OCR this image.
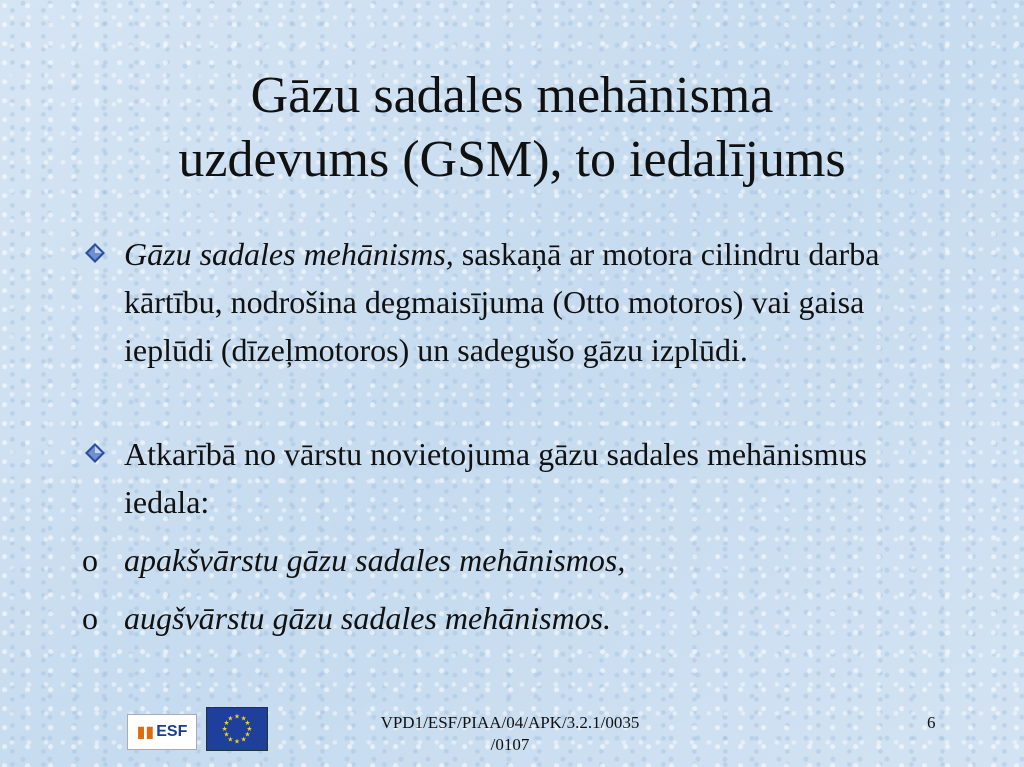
Gāzu sadales mehānisma
uzdevums (GSM), to iedalījums
Gāzu sadales mehānisms, saskaņā ar motora cilindru darba kārtību, nodrošina degmaisījuma (Otto motoros) vai gaisa ieplūdi (dīzeļmotoros) un sadegušo gāzu izplūdi.
Atkarībā no vārstu novietojuma gāzu sadales mehānismus iedala:
o apakšvārstu gāzu sadales mehānismos,
o augšvārstu gāzu sadales mehānismos.
▮▮ ESF
★ ★
★
★
★
★
★
★
★
★
★
★	VPD1/ESF/PIAA/04/APK/3.2.1/0035
/0107
6
